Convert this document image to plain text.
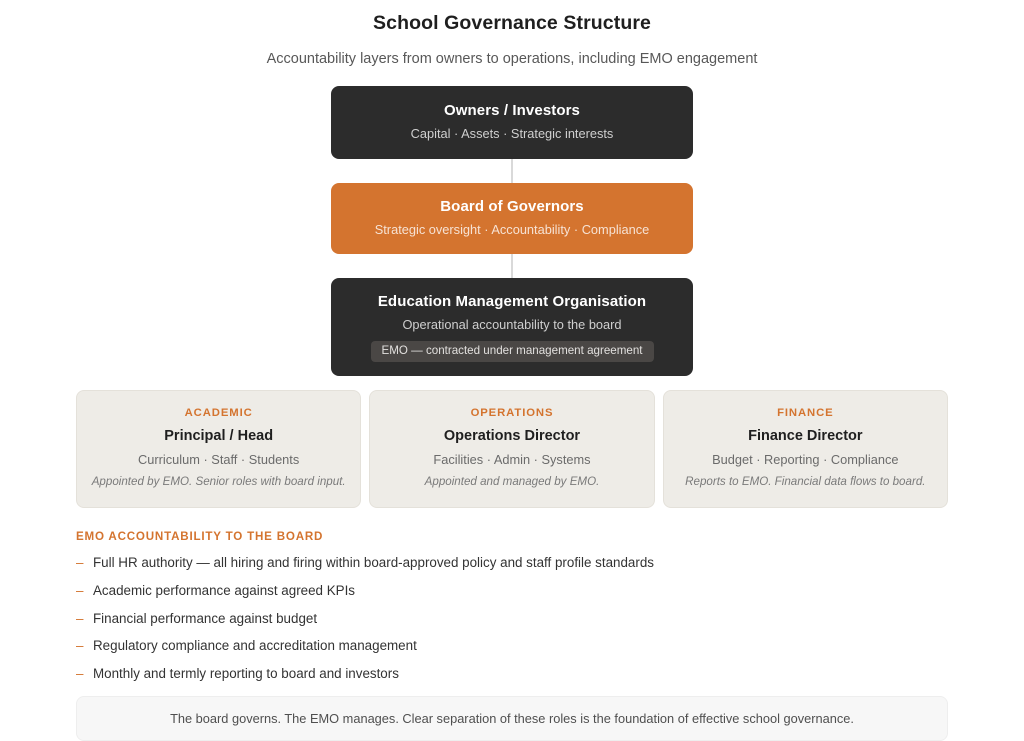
School Governance Structure
Accountability layers from owners to operations, including EMO engagement
Owners / Investors
Capital · Assets · Strategic interests
Board of Governors
Strategic oversight · Accountability · Compliance
Education Management Organisation
Operational accountability to the board
EMO — contracted under management agreement
ACADEMIC
Principal / Head
Curriculum · Staff · Students
Appointed by EMO. Senior roles with board input.
OPERATIONS
Operations Director
Facilities · Admin · Systems
Appointed and managed by EMO.
FINANCE
Finance Director
Budget · Reporting · Compliance
Reports to EMO. Financial data flows to board.
EMO ACCOUNTABILITY TO THE BOARD
– Full HR authority — all hiring and firing within board-approved policy and staff profile standards
– Academic performance against agreed KPIs
– Financial performance against budget
– Regulatory compliance and accreditation management
– Monthly and termly reporting to board and investors
The board governs. The EMO manages. Clear separation of these roles is the foundation of effective school governance.
